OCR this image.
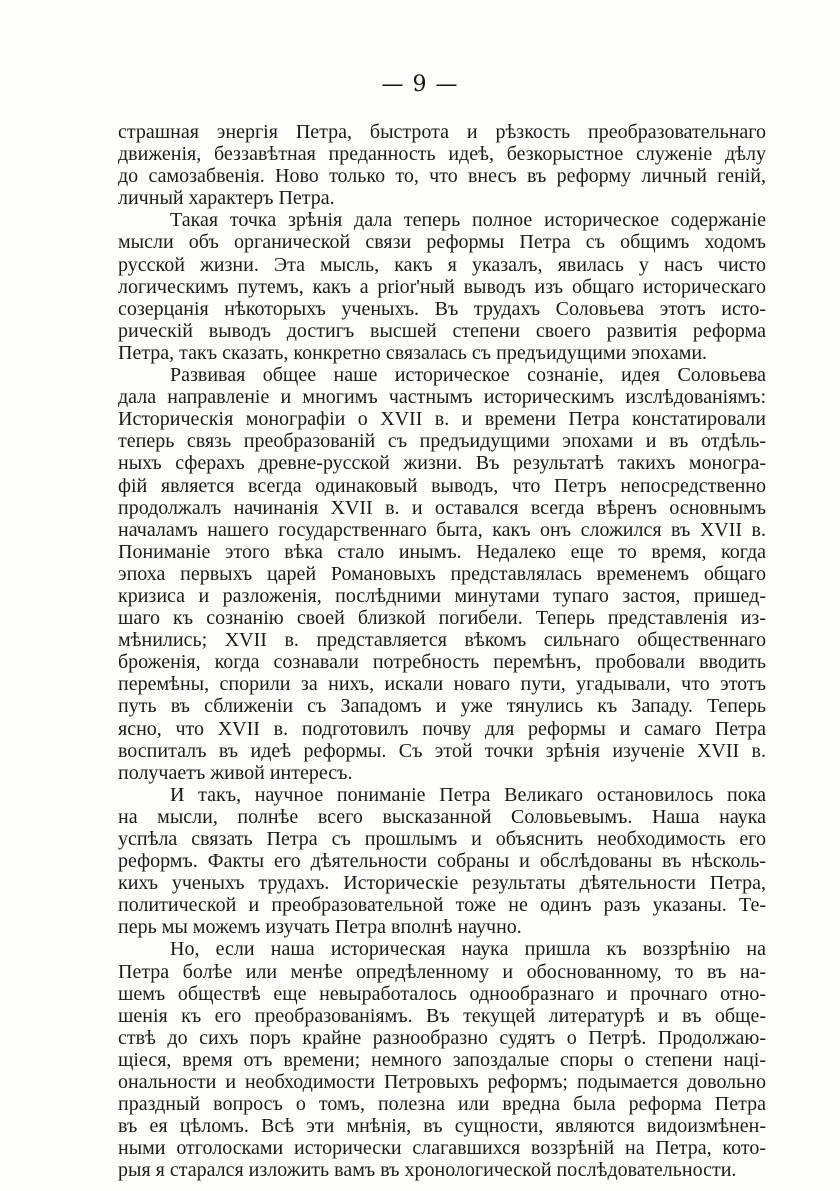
— 9 —
страшная энергія Петра, быстрота и рѣзкость преобразовательнаго
движенія, беззавѣтная преданность идеѣ, безкорыстное служеніе дѣлу
до самозабвенія. Ново только то, что внесъ въ реформу личный геній,
личный характеръ Петра.
Такая точка зрѣнія дала теперь полное историческое содержаніе
мысли объ органической связи реформы Петра съ общимъ ходомъ
русской жизни. Эта мысль, какъ я указалъ, явилась у насъ чисто
логическимъ путемъ, какъ a prior'ный выводъ изъ общаго историческаго
созерцанія нѣкоторыхъ ученыхъ. Въ трудахъ Соловьева этотъ исто-
рическій выводъ достигъ высшей степени своего развитія реформа
Петра, такъ сказать, конкретно связалась съ предъидущими эпохами.
Развивая общее наше историческое сознаніе, идея Соловьева
дала направленіе и многимъ частнымъ историческимъ изслѣдованіямъ:
Историческія монографіи о XVII в. и времени Петра констатировали
теперь связь преобразованій съ предъидущими эпохами и въ отдѣль-
ныхъ сферахъ древне-русской жизни. Въ результатѣ такихъ моногра-
фій является всегда одинаковый выводъ, что Петръ непосредственно
продолжалъ начинанія XVII в. и оставался всегда вѣренъ основнымъ
началамъ нашего государственнаго быта, какъ онъ сложился въ XVII в.
Пониманіе этого вѣка стало инымъ. Недалеко еще то время, когда
эпоха первыхъ царей Романовыхъ представлялась временемъ общаго
кризиса и разложенія, послѣдними минутами тупаго застоя, пришед-
шаго къ сознанію своей близкой погибели. Теперь представленія из-
мѣнились; XVII в. представляется вѣкомъ сильнаго общественнаго
броженія, когда сознавали потребность перемѣнъ, пробовали вводить
перемѣны, спорили за нихъ, искали новаго пути, угадывали, что этотъ
путь въ сближеніи съ Западомъ и уже тянулись къ Западу. Теперь
ясно, что XVII в. подготовилъ почву для реформы и самаго Петра
воспиталъ въ идеѣ реформы. Съ этой точки зрѣнія изученіе XVII в.
получаетъ живой интересъ.
И такъ, научное пониманіе Петра Великаго остановилось пока
на мысли, полнѣе всего высказанной Соловьевымъ. Наша наука
успѣла связать Петра съ прошлымъ и объяснить необходимость его
реформъ. Факты его дѣятельности собраны и обслѣдованы въ нѣсколь-
кихъ ученыхъ трудахъ. Историческіе результаты дѣятельности Петра,
политической и преобразовательной тоже не одинъ разъ указаны. Те-
перь мы можемъ изучать Петра вполнѣ научно.
Но, если наша историческая наука пришла къ воззрѣнію на
Петра болѣе или менѣе опредѣленному и обоснованному, то въ на-
шемъ обществѣ еще невыработалось однообразнаго и прочнаго отно-
шенія къ его преобразованіямъ. Въ текущей литературѣ и въ обще-
ствѣ до сихъ поръ крайне разнообразно судятъ о Петрѣ. Продолжаю-
щіеся, время отъ времени; немного запоздалые споры о степени наці-
ональности и необходимости Петровыхъ реформъ; подымается довольно
праздный вопросъ о томъ, полезна или вредна была реформа Петра
въ ея цѣломъ. Всѣ эти мнѣнія, въ сущности, являются видоизмѣнен-
ными отголосками исторически слагавшихся воззрѣній на Петра, кото-
рыя я старался изложить вамъ въ хронологической послѣдовательности.
